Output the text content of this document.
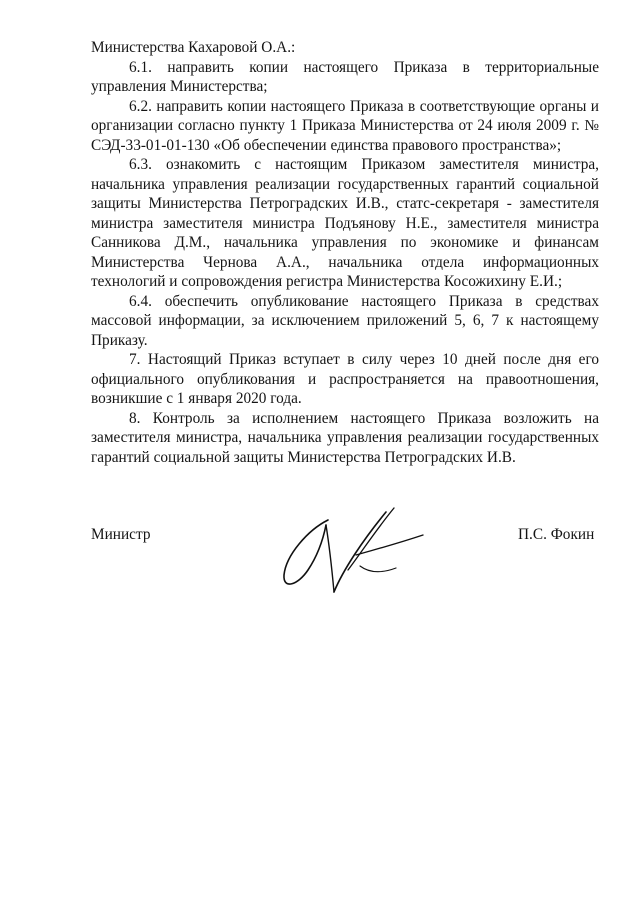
Министерства Кахаровой О.А.:

6.1. направить копии настоящего Приказа в территориальные управления Министерства;

6.2. направить копии настоящего Приказа в соответствующие органы и организации согласно пункту 1 Приказа Министерства от 24 июля 2009 г. № СЭД-33-01-01-130 «Об обеспечении единства правового пространства»;

6.3. ознакомить с настоящим Приказом заместителя министра, начальника управления реализации государственных гарантий социальной защиты Министерства Петроградских И.В., статс-секретаря - заместителя министра заместителя министра Подъянову Н.Е., заместителя министра Санникова Д.М., начальника управления по экономике и финансам Министерства Чернова А.А., начальника отдела информационных технологий и сопровождения регистра Министерства Косожихину Е.И.;

6.4. обеспечить опубликование настоящего Приказа в средствах массовой информации, за исключением приложений 5, 6, 7 к настоящему Приказу.

7. Настоящий Приказ вступает в силу через 10 дней после дня его официального опубликования и распространяется на правоотношения, возникшие с 1 января 2020 года.

8. Контроль за исполнением настоящего Приказа возложить на заместителя министра, начальника управления реализации государственных гарантий социальной защиты Министерства Петроградских И.В.

Министр	П.С. Фокин
